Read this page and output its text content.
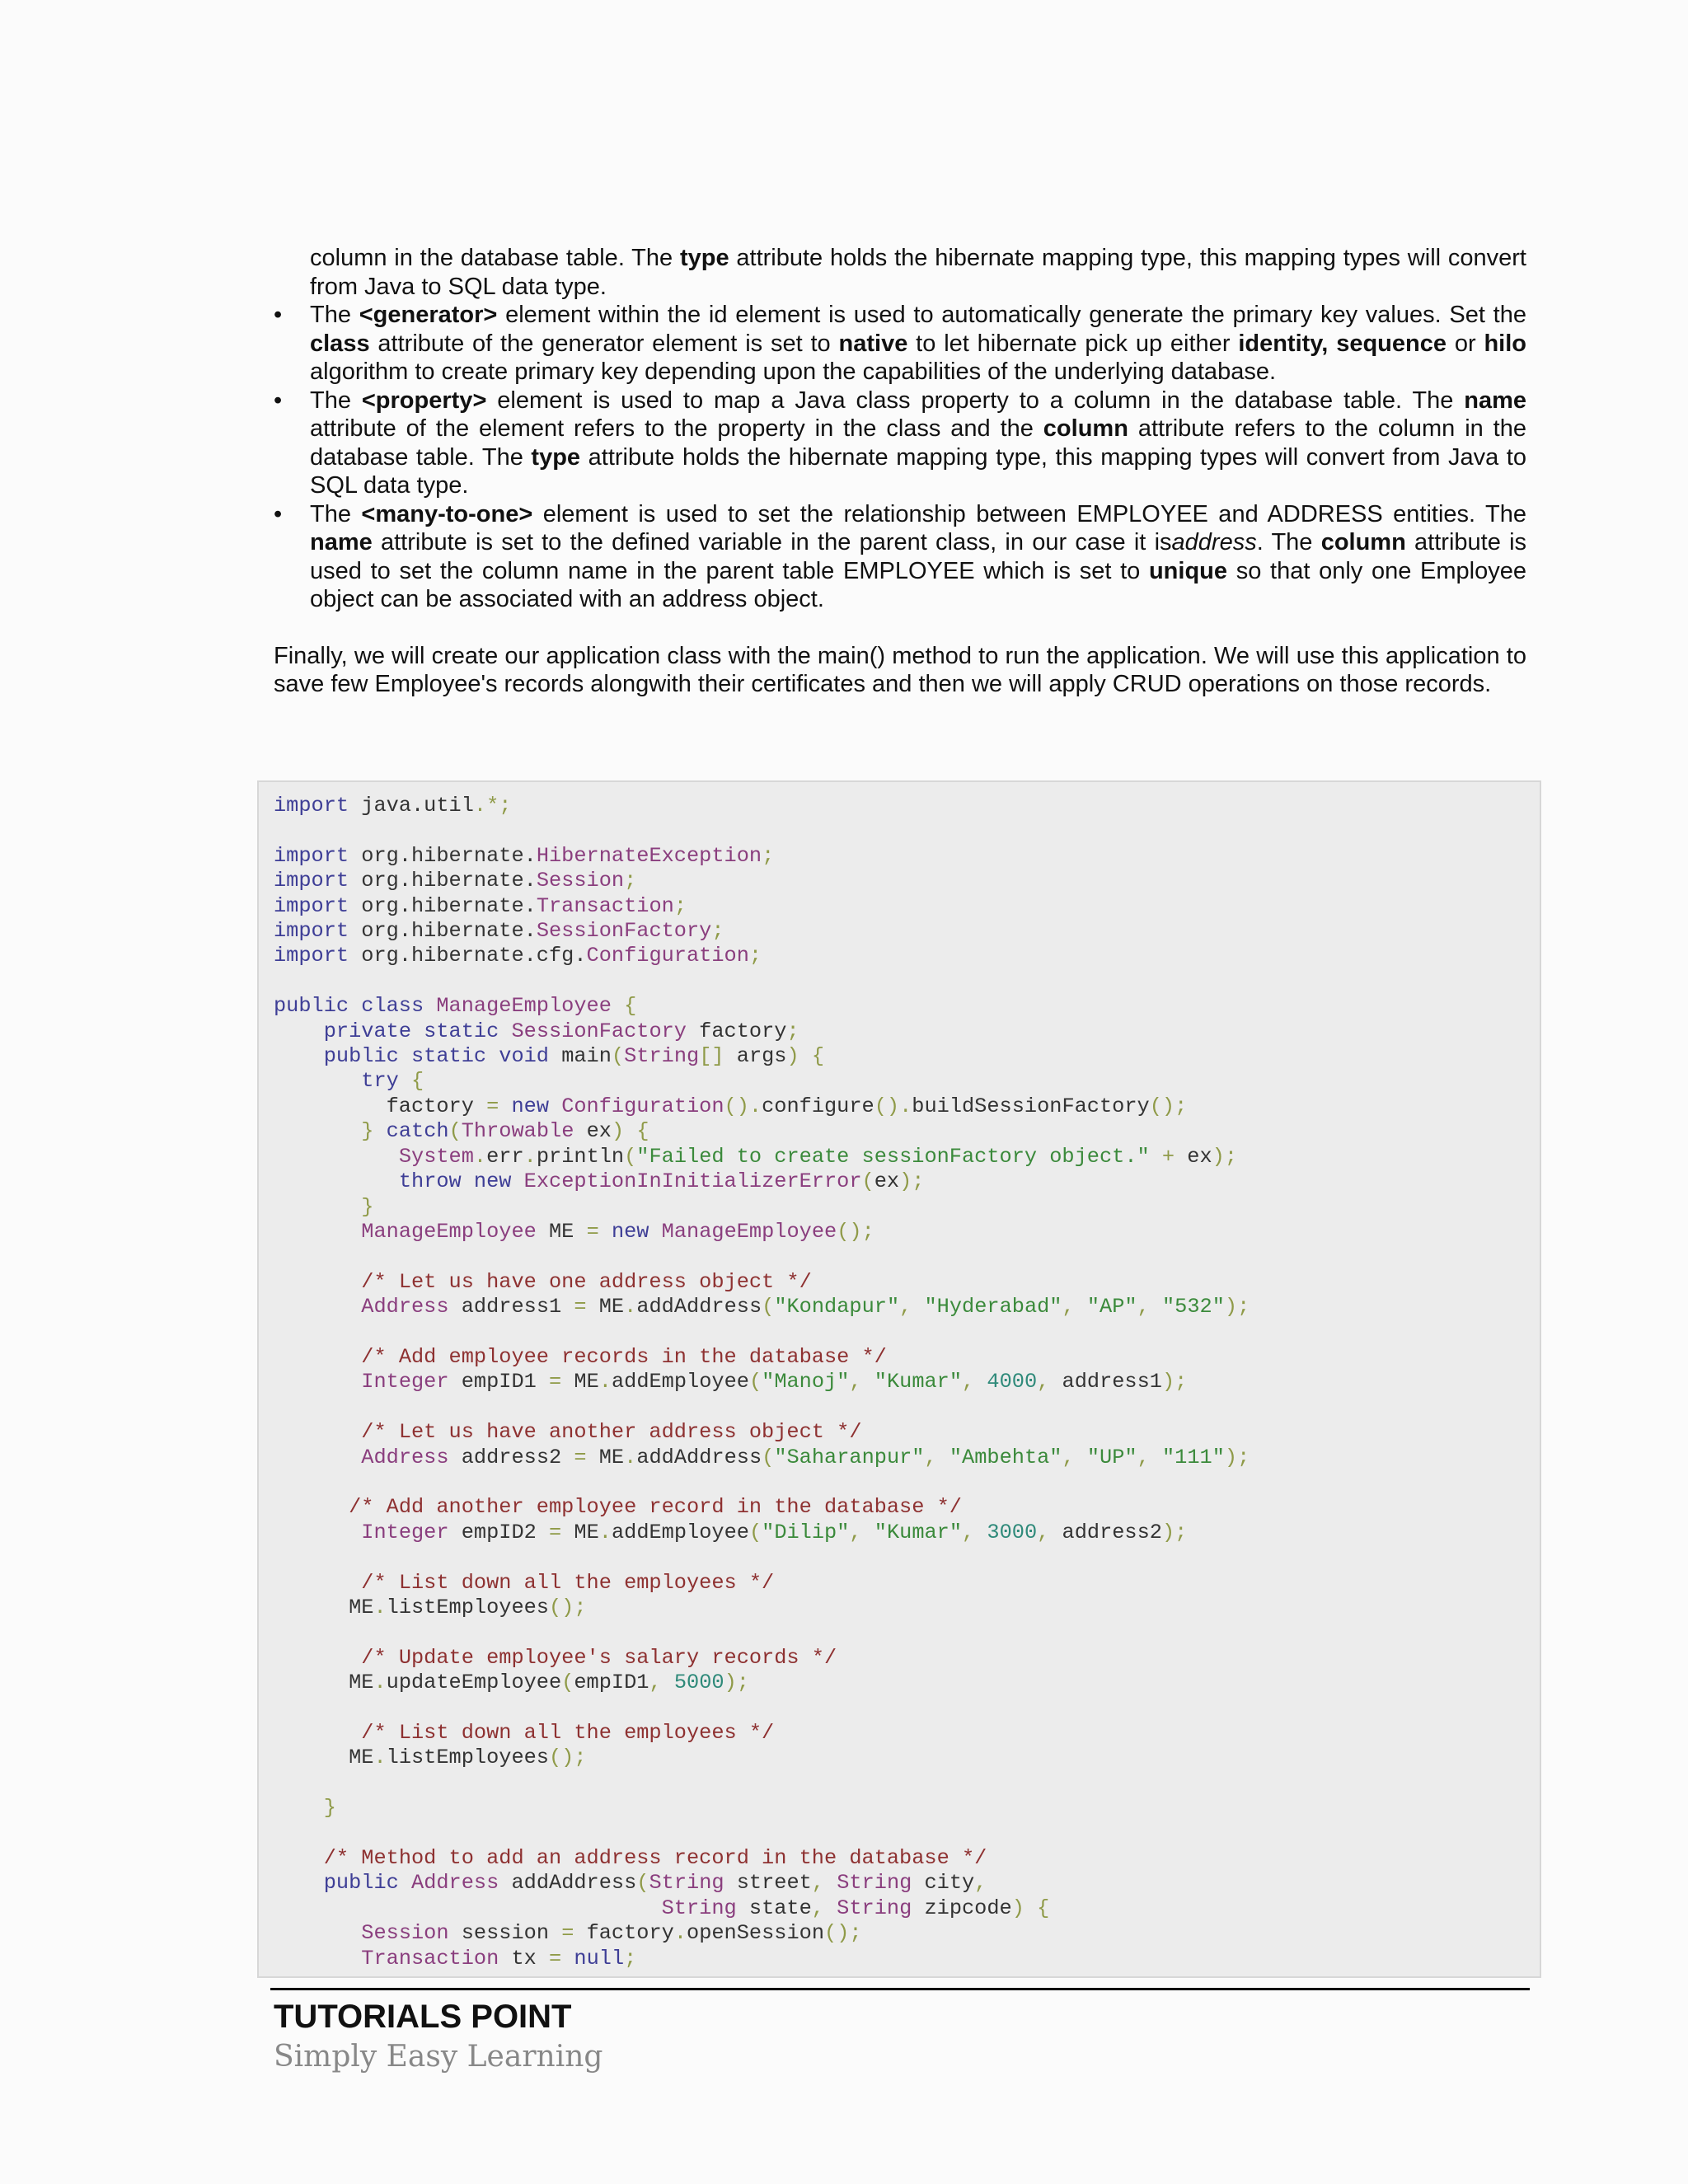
column in the database table. The type attribute holds the hibernate mapping type, this mapping types will convert from Java to SQL data type.
• The <generator> element within the id element is used to automatically generate the primary key values. Set the class attribute of the generator element is set to native to let hibernate pick up either identity, sequence or hilo algorithm to create primary key depending upon the capabilities of the underlying database.
• The <property> element is used to map a Java class property to a column in the database table. The name attribute of the element refers to the property in the class and the column attribute refers to the column in the database table. The type attribute holds the hibernate mapping type, this mapping types will convert from Java to SQL data type.
• The <many-to-one> element is used to set the relationship between EMPLOYEE and ADDRESS entities. The name attribute is set to the defined variable in the parent class, in our case it isaddress. The column attribute is used to set the column name in the parent table EMPLOYEE which is set to unique so that only one Employee object can be associated with an address object.
Finally, we will create our application class with the main() method to run the application. We will use this application to save few Employee's records alongwith their certificates and then we will apply CRUD operations on those records.
import java.util.*;

import org.hibernate.HibernateException;
import org.hibernate.Session;
import org.hibernate.Transaction;
import org.hibernate.SessionFactory;
import org.hibernate.cfg.Configuration;

public class ManageEmployee {
private static SessionFactory factory;
public static void main(String[] args) {
try {
factory = new Configuration().configure().buildSessionFactory();
} catch(Throwable ex) {
System.err.println("Failed to create sessionFactory object." + ex);
throw new ExceptionInInitializerError(ex);
}
ManageEmployee ME = new ManageEmployee();

/* Let us have one address object */
Address address1 = ME.addAddress("Kondapur", "Hyderabad", "AP", "532");

/* Add employee records in the database */
Integer empID1 = ME.addEmployee("Manoj", "Kumar", 4000, address1);

/* Let us have another address object */
Address address2 = ME.addAddress("Saharanpur", "Ambehta", "UP", "111");

/* Add another employee record in the database */
Integer empID2 = ME.addEmployee("Dilip", "Kumar", 3000, address2);

/* List down all the employees */
ME.listEmployees();

/* Update employee's salary records */
ME.updateEmployee(empID1, 5000);

/* List down all the employees */
ME.listEmployees();

}

/* Method to add an address record in the database */
public Address addAddress(String street, String city,
String state, String zipcode) {
Session session = factory.openSession();
Transaction tx = null;
TUTORIALS POINT
Simply Easy Learning
